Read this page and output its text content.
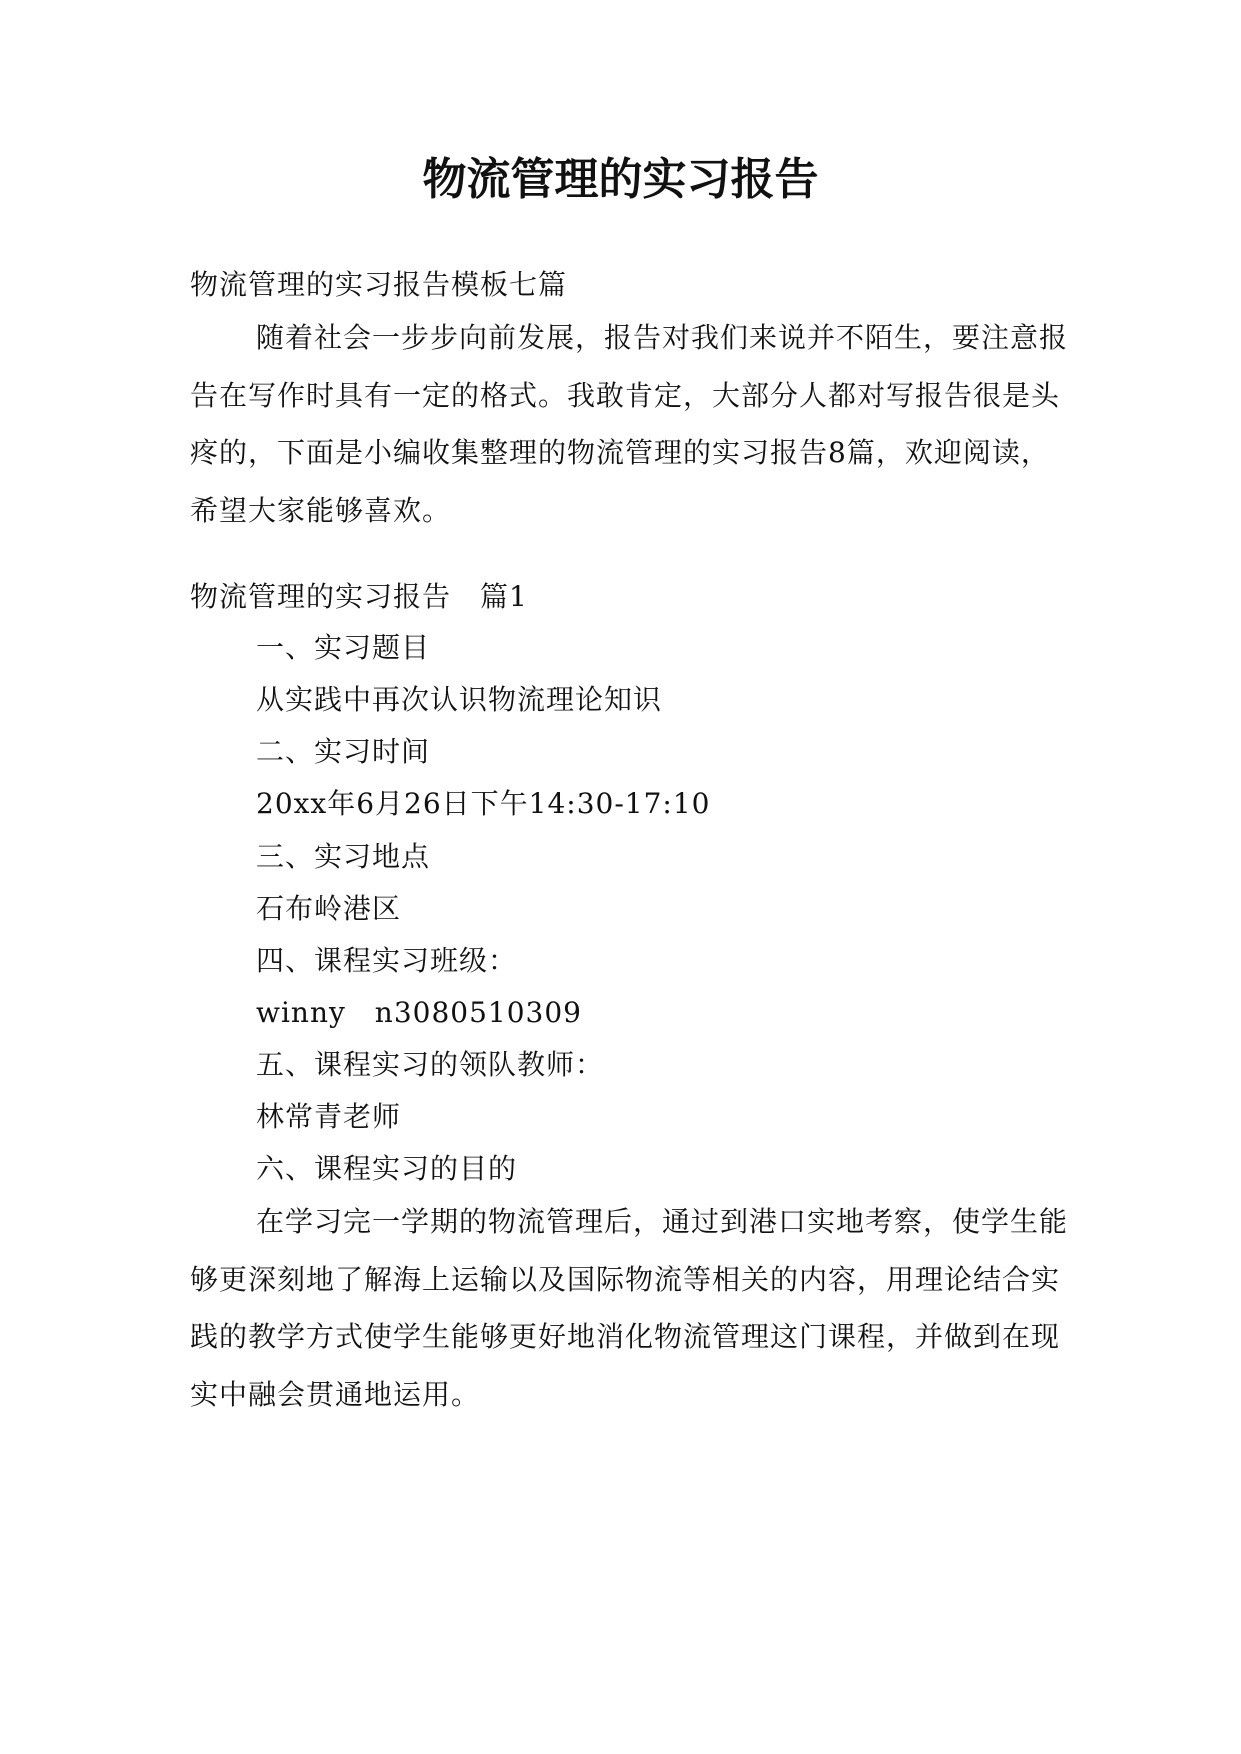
物流管理的实习报告

物流管理的实习报告模板七篇

随着社会一步步向前发展，报告对我们来说并不陌生，要注意报告在写作时具有一定的格式。我敢肯定，大部分人都对写报告很是头疼的，下面是小编收集整理的物流管理的实习报告8篇，欢迎阅读，希望大家能够喜欢。

物流管理的实习报告　篇1

一、实习题目

从实践中再次认识物流理论知识

二、实习时间

20xx年6月26日下午14:30-17:10

三、实习地点

石布岭港区

四、课程实习班级：

winny　n3080510309

五、课程实习的领队教师：

林常青老师

六、课程实习的目的

在学习完一学期的物流管理后，通过到港口实地考察，使学生能够更深刻地了解海上运输以及国际物流等相关的内容，用理论结合实践的教学方式使学生能够更好地消化物流管理这门课程，并做到在现实中融会贯通地运用。
